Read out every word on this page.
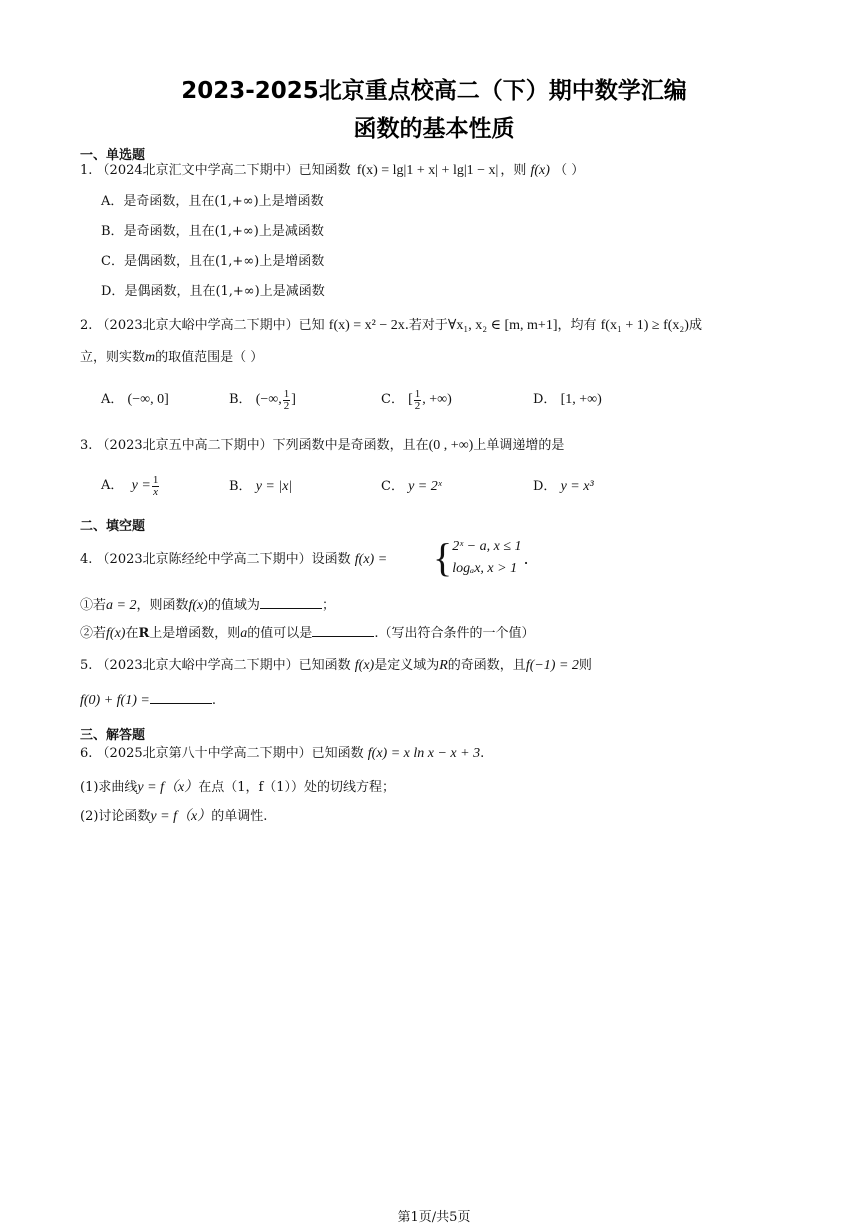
2023-2025北京重点校高二（下）期中数学汇编
函数的基本性质
一、单选题
1. （2024北京汇文中学高二下期中）已知函数 f(x) = lg|1 + x| + lg|1 − x| ，则 f(x) （ ）
A．是奇函数，且在(1,+∞)上是增函数
B．是奇函数，且在(1,+∞)上是减函数
C．是偶函数，且在(1,+∞)上是增函数
D．是偶函数，且在(1,+∞)上是减函数
2. （2023北京大峪中学高二下期中）已知 f(x) = x² − 2x.若对于∀x₁, x₂ ∈ [m, m+1]，均有 f(x₁ + 1) ≥ f(x₂)成
立，则实数m的取值范围是（ ）
A． (−∞, 0]	B．
(−∞, $\frac{1}{2}$ ]	C．
[ $\frac{1}{2}$ , +∞)	D． [1, +∞)
3. （2023北京五中高二下期中）下列函数中是奇函数，且在(0 , +∞)上单调递增的是
A．
$y = \frac{1}{x}$	B． y = |x|	C． y = 2ˣ	D． y = x³
二、填空题
4. （2023北京陈经纶中学高二下期中）设函数 f(x) = { 2ˣ − a, x ≤ 1
logₐx, x > 1
.
①若a = 2，则函数f(x)的值域为	；
②若f(x)在R上是增函数，则a的值可以是	.（写出符合条件的一个值）
5. （2023北京大峪中学高二下期中）已知函数 f(x)是定义域为R的奇函数，且f(−1) = 2则
f(0) + f(1) =	.
三、解答题
6. （2025北京第八十中学高二下期中）已知函数 f(x) = x ln x − x + 3.
(1)求曲线y = f（x）在点（1，f（1））处的切线方程；
(2)讨论函数y = f（x）的单调性.
第1页/共5页
